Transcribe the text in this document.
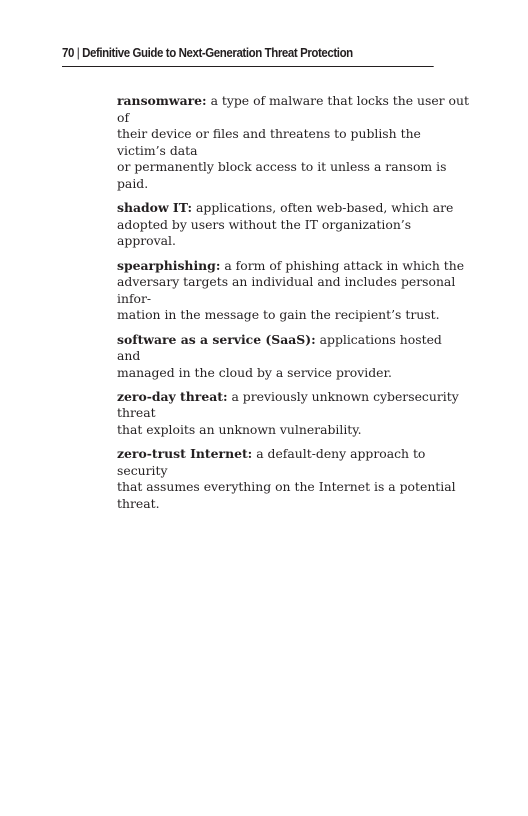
70 | Definitive Guide to Next-Generation Threat Protection

ransomware: a type of malware that locks the user out of
their device or files and threatens to publish the victim’s data
or permanently block access to it unless a ransom is paid.

shadow IT: applications, often web-based, which are
adopted by users without the IT organization’s approval.

spearphishing: a form of phishing attack in which the
adversary targets an individual and includes personal infor-
mation in the message to gain the recipient’s trust.

software as a service (SaaS): applications hosted and
managed in the cloud by a service provider.

zero-day threat: a previously unknown cybersecurity threat
that exploits an unknown vulnerability.

zero-trust Internet: a default-deny approach to security
that assumes everything on the Internet is a potential threat.
